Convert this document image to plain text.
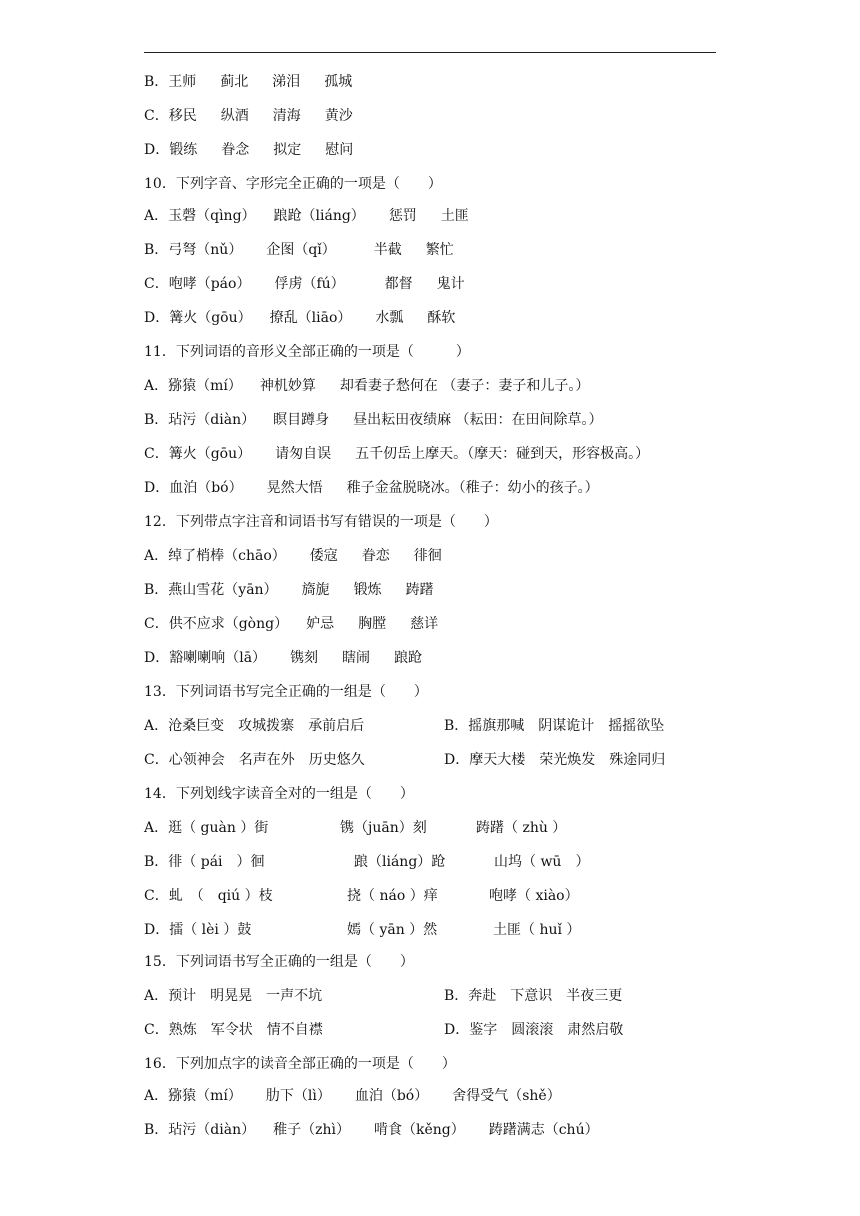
B．王师 蓟北 涕泪 孤城
C．移民 纵酒 清海 黄沙
D．锻练 眷念 拟定 慰问
10．下列字音、字形完全正确的一项是（　　）
A．玉磬（qìng） 踉跄（liáng） 惩罚 土匪
B．弓弩（nǔ） 企图（qǐ）	半截 繁忙
C．咆哮（páo） 俘虏（fú）	都督 鬼计
D．篝火（gōu） 撩乱（liāo） 水瓢 酥软
11．下列词语的音形义全部正确的一项是（　　　）
A．猕猿（mí） 神机妙算 却看妻子愁何在 （妻子：妻子和儿子。）
B．玷污（diàn） 瞑目蹲身 昼出耘田夜绩麻 （耘田：在田间除草。）
C．篝火（gōu） 请匆自误 五千仞岳上摩天。（摩天：碰到天，形容极高。）
D．血泊（bó） 晃然大悟 稚子金盆脱晓冰。（稚子：幼小的孩子。）
12．下列带点字注音和词语书写有错误的一项是（　　）
A．绰了梢棒（chāo） 倭寇 眷恋 徘徊
B．燕山雪花（yān） 旖旎 锻炼 踌躇
C．供不应求（gòng） 妒忌 胸膛 慈详
D．豁喇喇响（lā） 镌刻 瞎闹 踉跄
13．下列词语书写完全正确的一组是（　　）
A．沧桑巨变　攻城拨寨　承前启后	B．摇旗那喊　阴谋诡计　摇摇欲坠
C．心领神会　名声在外　历史悠久	D．摩天大楼　荣光焕发　殊途同归
14．下列划线字读音全对的一组是（　　）
A．逛（ guàn ）街	镌（juān）刻	踌躇（ zhù ）
B．徘（ pái　）徊	踉（liáng）跄	山坞（ wū　）
C．虬　（　qiú ）枝	挠（ náo ）痒	咆哮（ xiào）
D．擂（ lèi ）鼓	嫣（ yān ）然	土匪（ huǐ ）
15．下列词语书写全正确的一组是（　　）
A．预计　明晃晃　一声不坑	B．奔赴　下意识　半夜三更
C．熟炼　军令状　情不自襟	D．鉴字　圆滚滚　肃然启敬
16．下列加点字的读音全部正确的一项是（　　）
A．猕猿（mí） 肋下（lì） 血泊（bó） 舍得受气（shě）
B．玷污（diàn） 稚子（zhì） 啃食（kěng） 踌躇满志（chú）
